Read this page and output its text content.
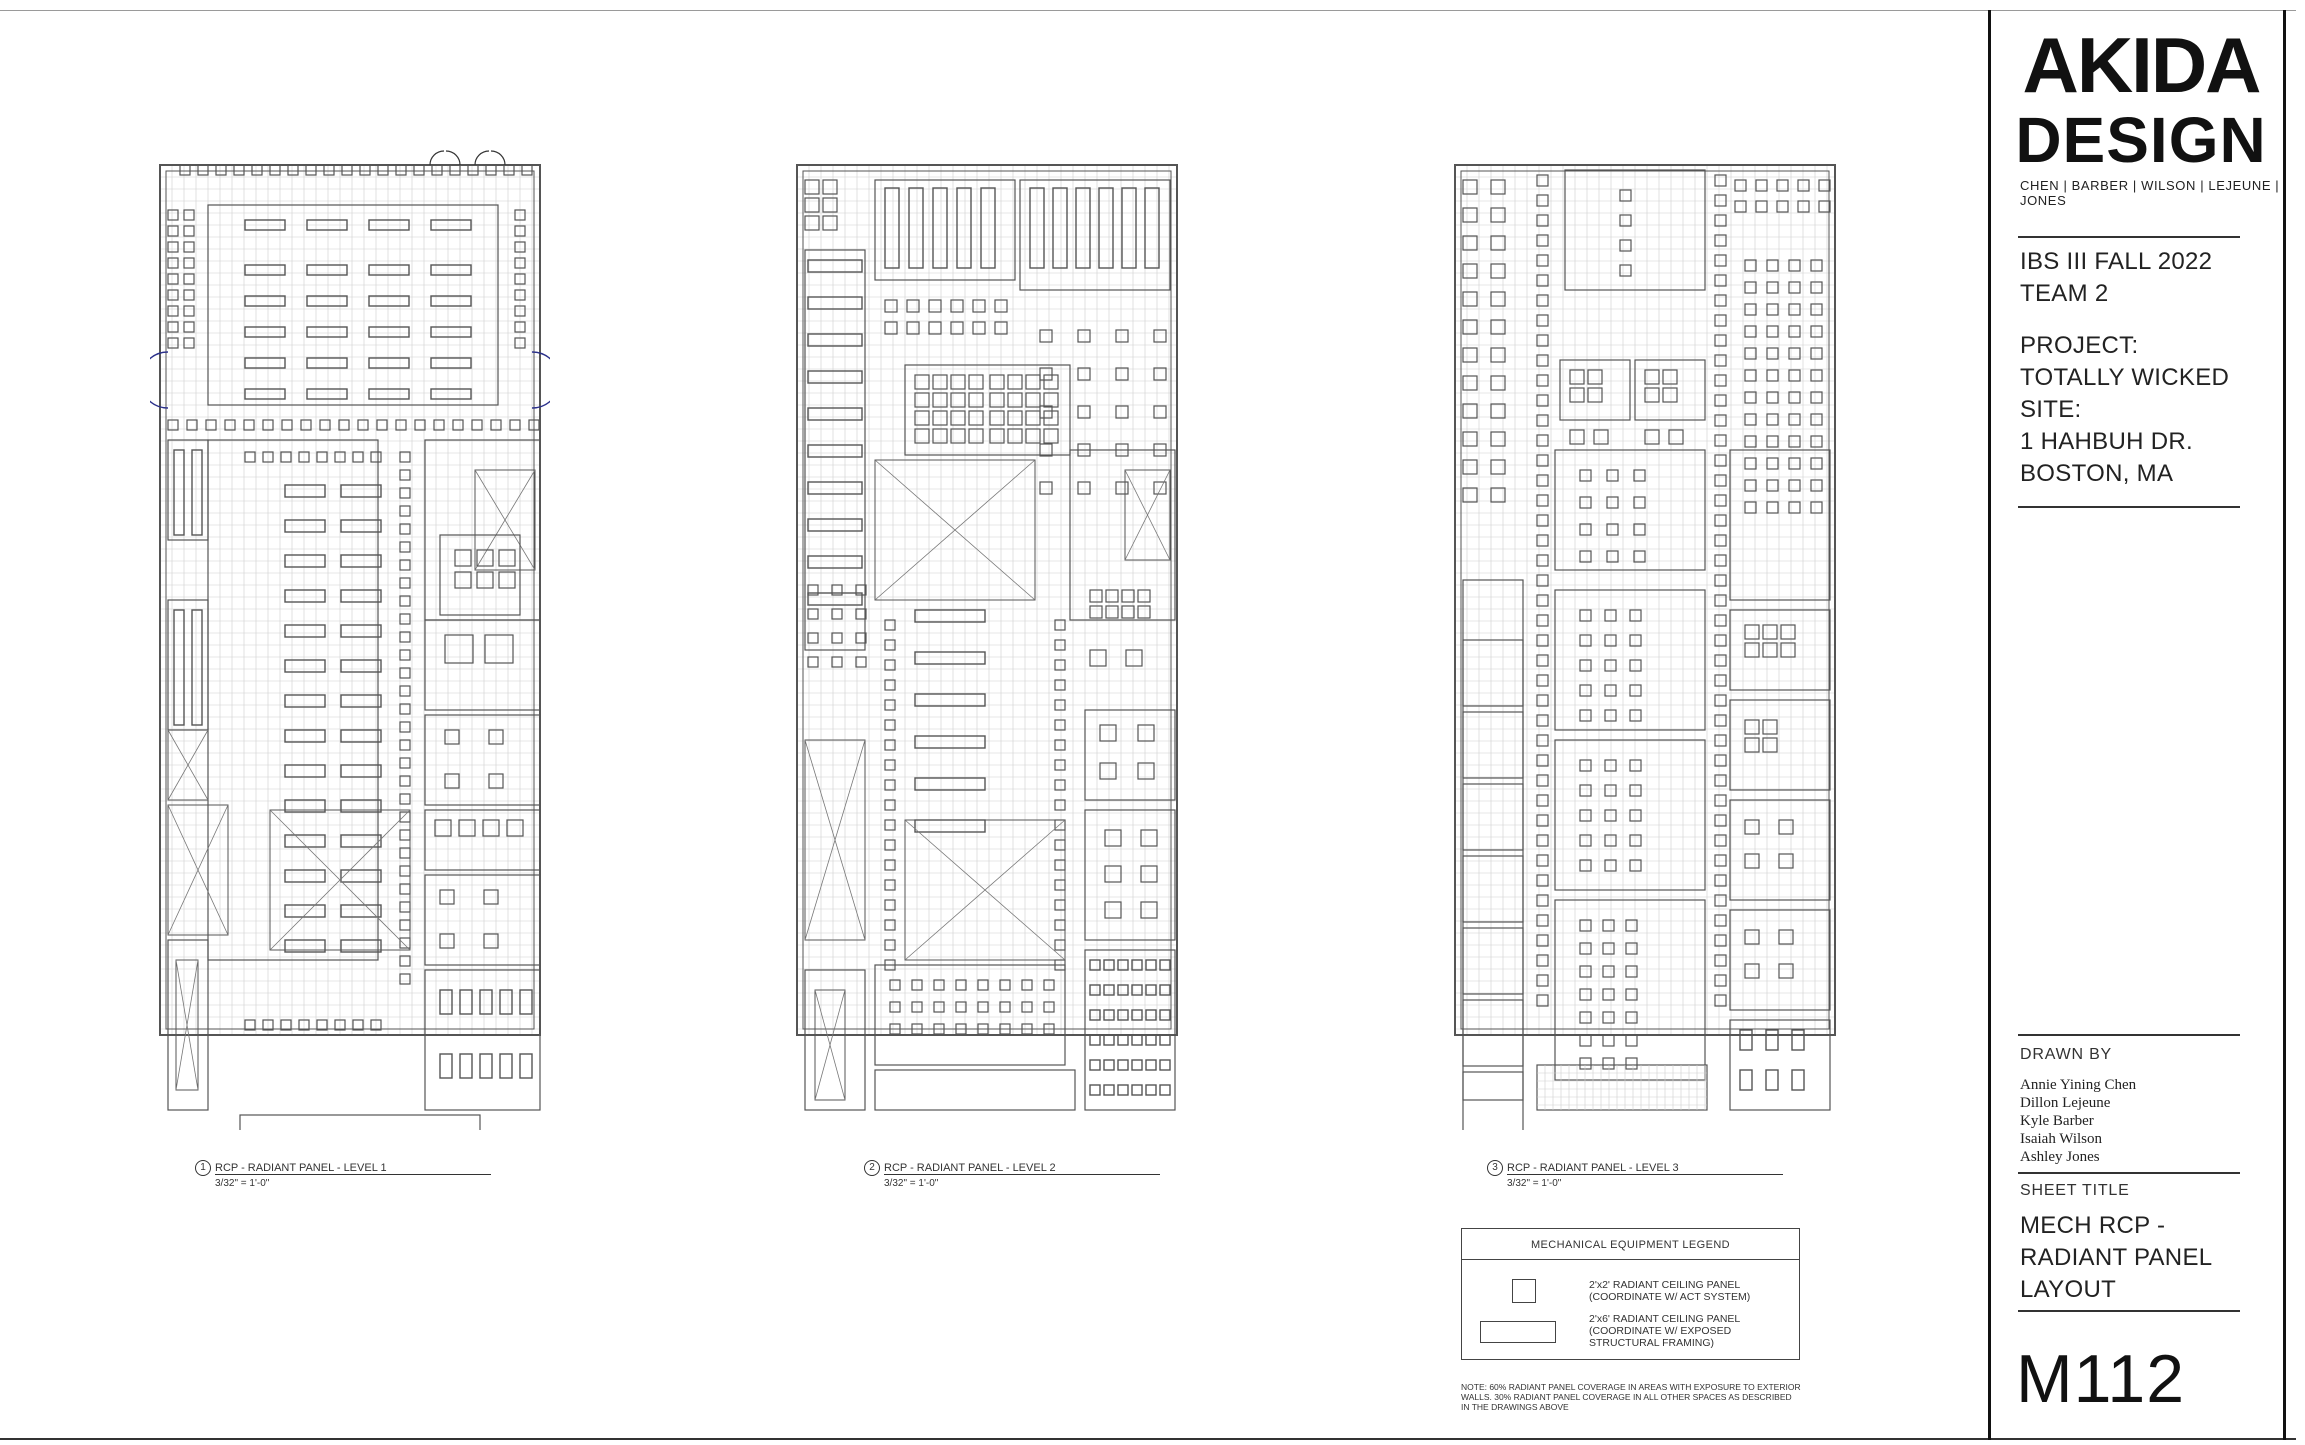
AKIDA
DESIGN
CHEN | BARBER | WILSON | LEJEUNE | JONES
IBS III FALL 2022
TEAM 2
PROJECT:
TOTALLY WICKED
SITE:
1 HAHBUH DR.
BOSTON, MA
DRAWN BY
Annie Yining Chen
Dillon Lejeune
Kyle Barber
Isaiah Wilson
Ashley Jones
SHEET TITLE
MECH RCP -
RADIANT PANEL
LAYOUT
M112
1 RCP - RADIANT PANEL - LEVEL 1
3/32" = 1'-0"
2 RCP - RADIANT PANEL - LEVEL 2
3/32" = 1'-0"
3 RCP - RADIANT PANEL - LEVEL 3
3/32" = 1'-0"
MECHANICAL EQUIPMENT LEGEND
2'x2' RADIANT CEILING PANEL
(COORDINATE W/ ACT SYSTEM)
2'x6' RADIANT CEILING PANEL
(COORDINATE W/ EXPOSED
STRUCTURAL FRAMING)
NOTE: 60% RADIANT PANEL COVERAGE IN AREAS WITH EXPOSURE TO EXTERIOR WALLS. 30% RADIANT PANEL COVERAGE IN ALL OTHER SPACES AS DESCRIBED IN THE DRAWINGS ABOVE
